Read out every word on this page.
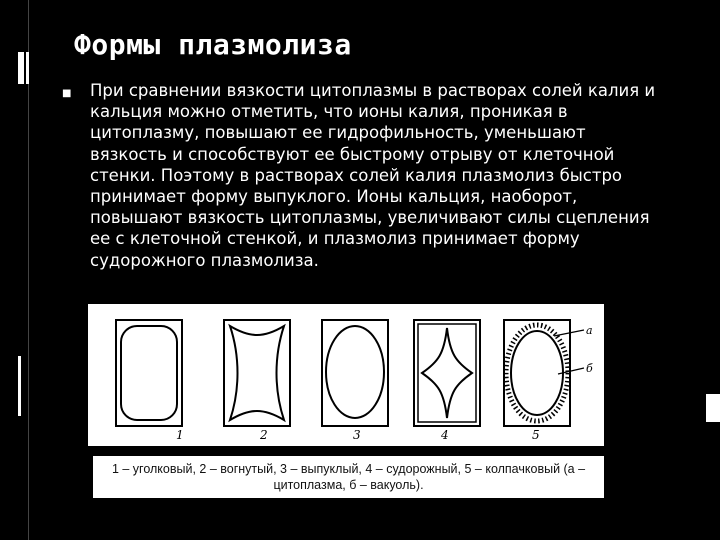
Формы плазмолиза
■ При сравнении вязкости цитоплазмы в растворах солей калия и кальция можно отметить, что ионы калия, проникая в цитоплазму, повышают ее гидрофильность, уменьшают вязкость и способствуют ее быстрому отрыву от клеточной стенки. Поэтому в растворах солей калия плазмолиз быстро принимает форму выпуклого. Ионы кальция, наоборот, повышают вязкость цитоплазмы, увеличивают силы сцепления ее с клеточной стенкой, и плазмолиз принимает форму судорожного плазмолиза.
а
б
1	2	3	4	5
1 – уголковый, 2 – вогнутый, 3 – выпуклый, 4 – судорожный, 5 – колпачковый (а – цитоплазма, б – вакуоль).
